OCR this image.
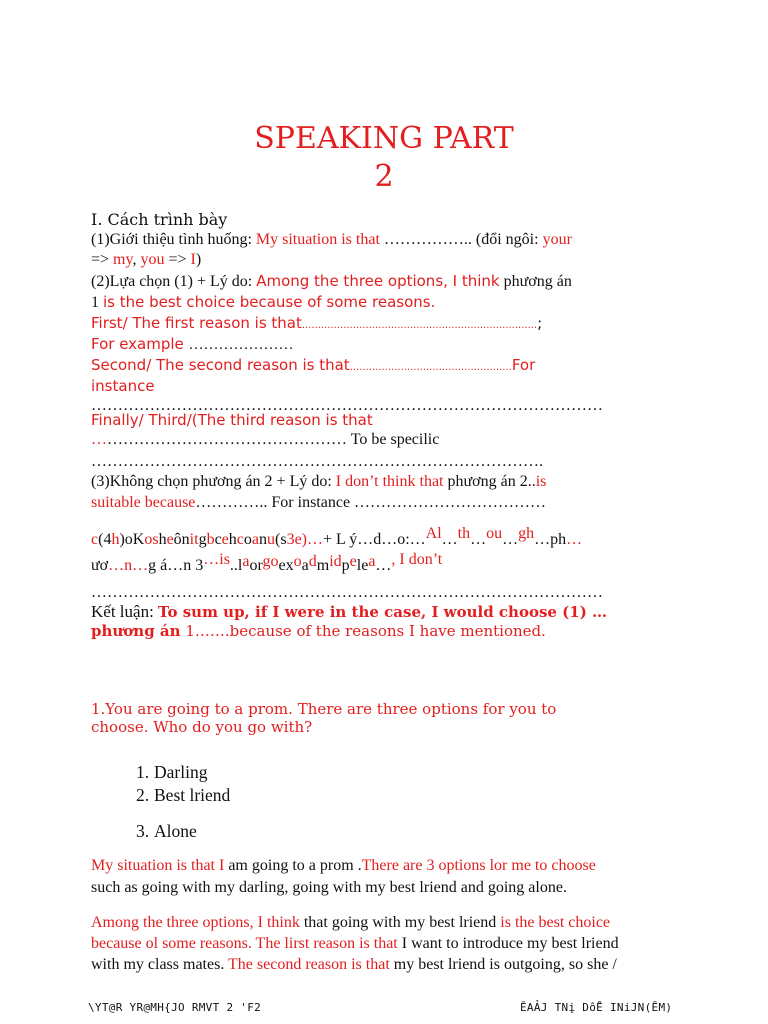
SPEAKING PART
2
I. Cách trình bày
(1)Giới thiệu tình huống: My situation is that …………….. (đổi ngôi: your
=> my, you => I)
(2)Lựa chọn (1) + Lý do: Among the three options, I think phương án
1 is the best choice because of some reasons.
First/ The first reason is that..........................................................................;
For example …………………
Second/ The second reason is that...................................................For
instance
……………………………………………………………………………………
Finally/ Third/(The third reason is that
………………………………………… To be specilic
………………………………………………………………………….
(3)Không chọn phương án 2 + Lý do: I don’t think that phương án 2..is
suitable because………….. For instance ………………………………
c(4h)oKosheônitgbcehcoanu(s3e)…+ L ý…d…o:…Al…th…ou…gh…ph…
ươ…n…g á…n 3…is..laorgoexoadmidpelea…, I don’t
……………………………………………………………………………………
Kết luận: To sum up, if I were in the case, I would choose (1) …
phương án 1…….because of the reasons I have mentioned.
1.You are going to a prom. There are three options for you to
choose. Who do you go with?
1. Darling
2. Best lriend
3. Alone
My situation is that I am going to a prom .There are 3 options lor me to choose
such as going with my darling, going with my best lriend and going alone.
Among the three options, I think that going with my best lriend is the best choice
because ol some reasons. The lirst reason is that I want to introduce my best lriend
with my class mates. The second reason is that my best lriend is outgoing, so she /
\YT@R YR@MH{JO RMVT 2 'F2	ĒAẢJ TNį DỗĒ INiJN(ĒM)
